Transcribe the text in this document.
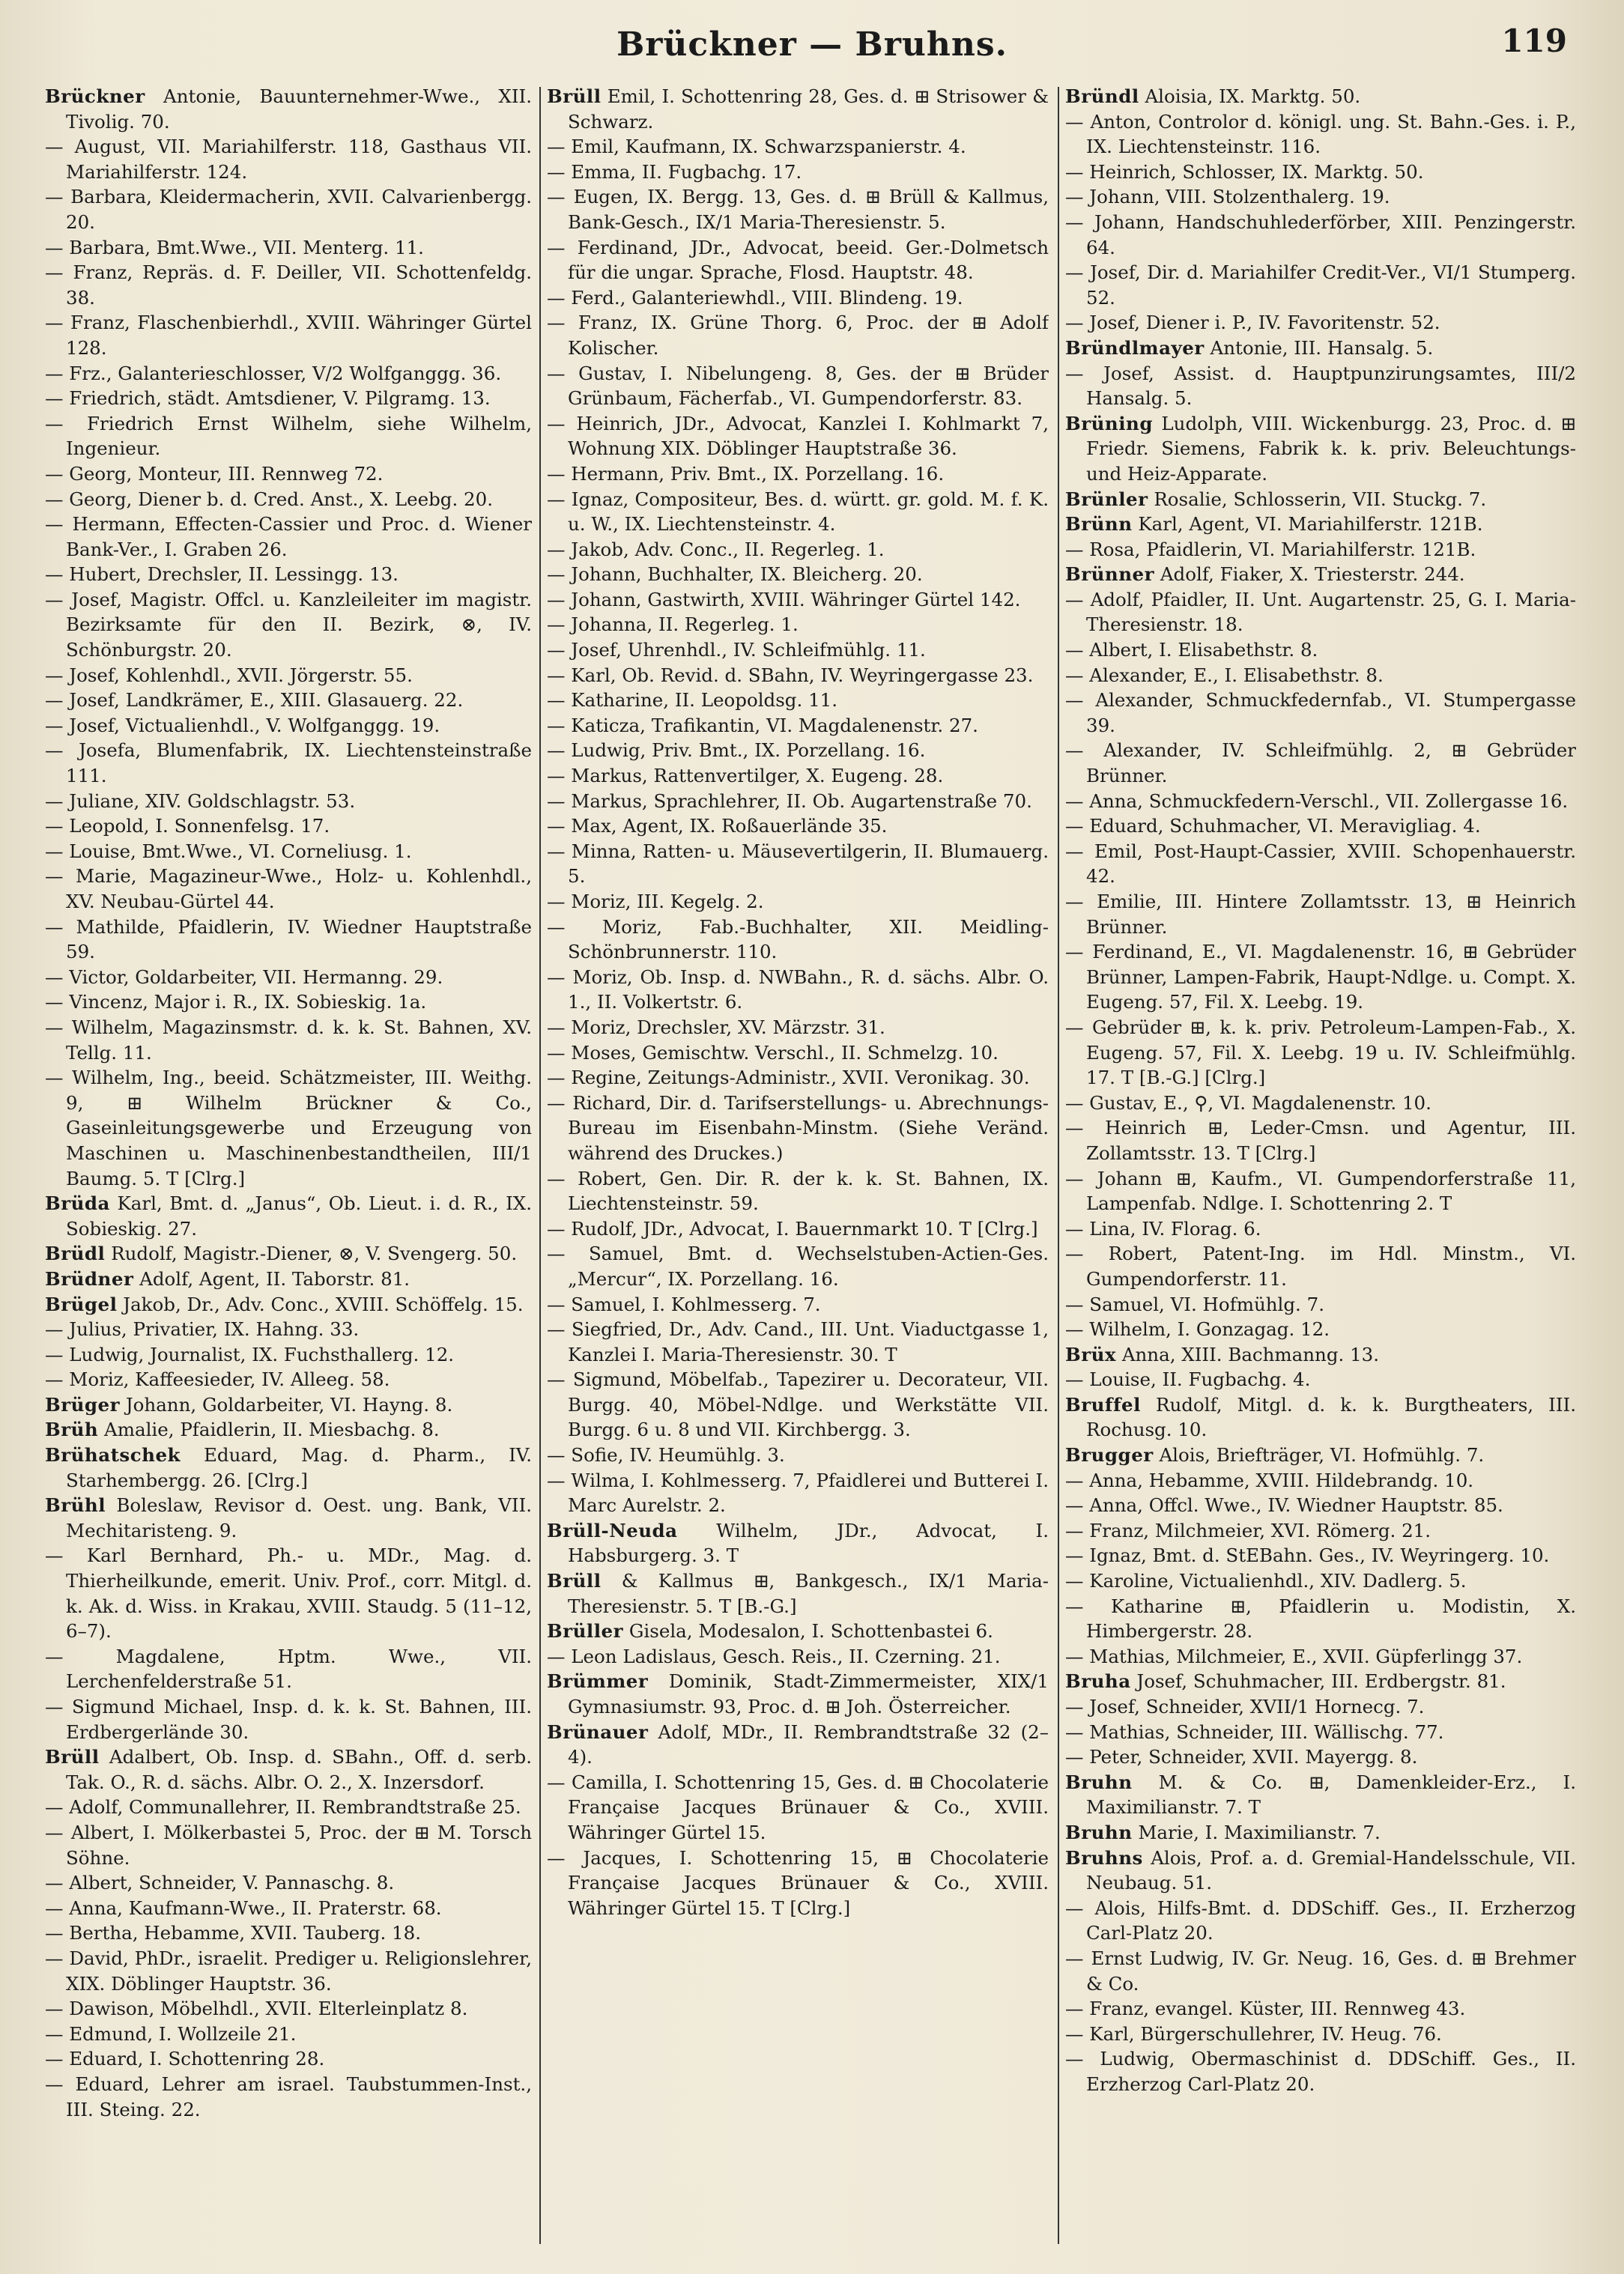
Brückner — Bruhns.	119

Brückner Antonie, Bauunternehmer-Wwe., XII. Tivolig. 70.

— August, VII. Mariahilferstr. 118, Gasthaus VII. Mariahilferstr. 124.

— Barbara, Kleidermacherin, XVII. Calvarienbergg. 20.

— Barbara, Bmt.Wwe., VII. Menterg. 11.

— Franz, Repräs. d. F. Deiller, VII. Schottenfeldg. 38.

— Franz, Flaschenbierhdl., XVIII. Währinger Gürtel 128.

— Frz., Galanterieschlosser, V/2 Wolfganggg. 36.

— Friedrich, städt. Amtsdiener, V. Pilgramg. 13.

— Friedrich Ernst Wilhelm, siehe Wilhelm, Ingenieur.

— Georg, Monteur, III. Rennweg 72.

— Georg, Diener b. d. Cred. Anst., X. Leebg. 20.

— Hermann, Effecten-Cassier und Proc. d. Wiener Bank-Ver., I. Graben 26.

— Hubert, Drechsler, II. Lessingg. 13.

— Josef, Magistr. Offcl. u. Kanzleileiter im magistr. Bezirksamte für den II. Bezirk, ⊗, IV. Schönburgstr. 20.

— Josef, Kohlenhdl., XVII. Jörgerstr. 55.

— Josef, Landkrämer, E., XIII. Glasauerg. 22.

— Josef, Victualienhdl., V. Wolfganggg. 19.

— Josefa, Blumenfabrik, IX. Liechtensteinstraße 111.

— Juliane, XIV. Goldschlagstr. 53.

— Leopold, I. Sonnenfelsg. 17.

— Louise, Bmt.Wwe., VI. Corneliusg. 1.

— Marie, Magazineur-Wwe., Holz- u. Kohlenhdl., XV. Neubau-Gürtel 44.

— Mathilde, Pfaidlerin, IV. Wiedner Hauptstraße 59.

— Victor, Goldarbeiter, VII. Hermanng. 29.

— Vincenz, Major i. R., IX. Sobieskig. 1a.

— Wilhelm, Magazinsmstr. d. k. k. St. Bahnen, XV. Tellg. 11.

— Wilhelm, Ing., beeid. Schätzmeister, III. Weithg. 9, ⊞ Wilhelm Brückner & Co., Gaseinleitungsgewerbe und Erzeugung von Maschinen u. Maschinenbestandtheilen, III/1 Baumg. 5. T [Clrg.]

Brüda Karl, Bmt. d. „Janus“, Ob. Lieut. i. d. R., IX. Sobieskig. 27.

Brüdl Rudolf, Magistr.-Diener, ⊗, V. Svengerg. 50.

Brüdner Adolf, Agent, II. Taborstr. 81.

Brügel Jakob, Dr., Adv. Conc., XVIII. Schöffelg. 15.

— Julius, Privatier, IX. Hahng. 33.

— Ludwig, Journalist, IX. Fuchsthallerg. 12.

— Moriz, Kaffeesieder, IV. Alleeg. 58.

Brüger Johann, Goldarbeiter, VI. Hayng. 8.

Brüh Amalie, Pfaidlerin, II. Miesbachg. 8.

Brühatschek Eduard, Mag. d. Pharm., IV. Starhembergg. 26. [Clrg.]

Brühl Boleslaw, Revisor d. Oest. ung. Bank, VII. Mechitaristeng. 9.

— Karl Bernhard, Ph.- u. MDr., Mag. d. Thierheilkunde, emerit. Univ. Prof., corr. Mitgl. d. k. Ak. d. Wiss. in Krakau, XVIII. Staudg. 5 (11–12, 6–7).

— Magdalene, Hptm. Wwe., VII. Lerchenfelderstraße 51.

— Sigmund Michael, Insp. d. k. k. St. Bahnen, III. Erdbergerlände 30.

Brüll Adalbert, Ob. Insp. d. SBahn., Off. d. serb. Tak. O., R. d. sächs. Albr. O. 2., X. Inzersdorf.

— Adolf, Communallehrer, II. Rembrandtstraße 25.

— Albert, I. Mölkerbastei 5, Proc. der ⊞ M. Torsch Söhne.

— Albert, Schneider, V. Pannaschg. 8.

— Anna, Kaufmann-Wwe., II. Praterstr. 68.

— Bertha, Hebamme, XVII. Tauberg. 18.

— David, PhDr., israelit. Prediger u. Religionslehrer, XIX. Döblinger Hauptstr. 36.

— Dawison, Möbelhdl., XVII. Elterleinplatz 8.

— Edmund, I. Wollzeile 21.

— Eduard, I. Schottenring 28.

— Eduard, Lehrer am israel. Taubstummen-Inst., III. Steing. 22.

Brüll Emil, I. Schottenring 28, Ges. d. ⊞ Strisower & Schwarz.

— Emil, Kaufmann, IX. Schwarzspanierstr. 4.

— Emma, II. Fugbachg. 17.

— Eugen, IX. Bergg. 13, Ges. d. ⊞ Brüll & Kallmus, Bank-Gesch., IX/1 Maria-Theresienstr. 5.

— Ferdinand, JDr., Advocat, beeid. Ger.-Dolmetsch für die ungar. Sprache, Flosd. Hauptstr. 48.

— Ferd., Galanteriewhdl., VIII. Blindeng. 19.

— Franz, IX. Grüne Thorg. 6, Proc. der ⊞ Adolf Kolischer.

— Gustav, I. Nibelungeng. 8, Ges. der ⊞ Brüder Grünbaum, Fächerfab., VI. Gumpendorferstr. 83.

— Heinrich, JDr., Advocat, Kanzlei I. Kohlmarkt 7, Wohnung XIX. Döblinger Hauptstraße 36.

— Hermann, Priv. Bmt., IX. Porzellang. 16.

— Ignaz, Compositeur, Bes. d. württ. gr. gold. M. f. K. u. W., IX. Liechtensteinstr. 4.

— Jakob, Adv. Conc., II. Regerleg. 1.

— Johann, Buchhalter, IX. Bleicherg. 20.

— Johann, Gastwirth, XVIII. Währinger Gürtel 142.

— Johanna, II. Regerleg. 1.

— Josef, Uhrenhdl., IV. Schleifmühlg. 11.

— Karl, Ob. Revid. d. SBahn, IV. Weyringergasse 23.

— Katharine, II. Leopoldsg. 11.

— Katicza, Trafikantin, VI. Magdalenenstr. 27.

— Ludwig, Priv. Bmt., IX. Porzellang. 16.

— Markus, Rattenvertilger, X. Eugeng. 28.

— Markus, Sprachlehrer, II. Ob. Augartenstraße 70.

— Max, Agent, IX. Roßauerlände 35.

— Minna, Ratten- u. Mäusevertilgerin, II. Blumauerg. 5.

— Moriz, III. Kegelg. 2.

— Moriz, Fab.-Buchhalter, XII. Meidling-Schönbrunnerstr. 110.

— Moriz, Ob. Insp. d. NWBahn., R. d. sächs. Albr. O. 1., II. Volkertstr. 6.

— Moriz, Drechsler, XV. Märzstr. 31.

— Moses, Gemischtw. Verschl., II. Schmelzg. 10.

— Regine, Zeitungs-Administr., XVII. Veronikag. 30.

— Richard, Dir. d. Tarifserstellungs- u. Abrechnungs-Bureau im Eisenbahn-Minstm. (Siehe Veränd. während des Druckes.)

— Robert, Gen. Dir. R. der k. k. St. Bahnen, IX. Liechtensteinstr. 59.

— Rudolf, JDr., Advocat, I. Bauernmarkt 10. T [Clrg.]

— Samuel, Bmt. d. Wechselstuben-Actien-Ges. „Mercur“, IX. Porzellang. 16.

— Samuel, I. Kohlmesserg. 7.

— Siegfried, Dr., Adv. Cand., III. Unt. Viaductgasse 1, Kanzlei I. Maria-Theresienstr. 30. T

— Sigmund, Möbelfab., Tapezirer u. Decorateur, VII. Burgg. 40, Möbel-Ndlge. und Werkstätte VII. Burgg. 6 u. 8 und VII. Kirchbergg. 3.

— Sofie, IV. Heumühlg. 3.

— Wilma, I. Kohlmesserg. 7, Pfaidlerei und Butterei I. Marc Aurelstr. 2.

Brüll-Neuda Wilhelm, JDr., Advocat, I. Habsburgerg. 3. T

Brüll & Kallmus ⊞, Bankgesch., IX/1 Maria-Theresienstr. 5. T [B.-G.]

Brüller Gisela, Modesalon, I. Schottenbastei 6.

— Leon Ladislaus, Gesch. Reis., II. Czerning. 21.

Brümmer Dominik, Stadt-Zimmermeister, XIX/1 Gymnasiumstr. 93, Proc. d. ⊞ Joh. Österreicher.

Brünauer Adolf, MDr., II. Rembrandtstraße 32 (2–4).

— Camilla, I. Schottenring 15, Ges. d. ⊞ Chocolaterie Française Jacques Brünauer & Co., XVIII. Währinger Gürtel 15.

— Jacques, I. Schottenring 15, ⊞ Chocolaterie Française Jacques Brünauer & Co., XVIII. Währinger Gürtel 15. T [Clrg.]

Bründl Aloisia, IX. Marktg. 50.

— Anton, Controlor d. königl. ung. St. Bahn.-Ges. i. P., IX. Liechtensteinstr. 116.

— Heinrich, Schlosser, IX. Marktg. 50.

— Johann, VIII. Stolzenthalerg. 19.

— Johann, Handschuhlederförber, XIII. Penzingerstr. 64.

— Josef, Dir. d. Mariahilfer Credit-Ver., VI/1 Stumperg. 52.

— Josef, Diener i. P., IV. Favoritenstr. 52.

Bründlmayer Antonie, III. Hansalg. 5.

— Josef, Assist. d. Hauptpunzirungsamtes, III/2 Hansalg. 5.

Brüning Ludolph, VIII. Wickenburgg. 23, Proc. d. ⊞ Friedr. Siemens, Fabrik k. k. priv. Beleuchtungs- und Heiz-Apparate.

Brünler Rosalie, Schlosserin, VII. Stuckg. 7.

Brünn Karl, Agent, VI. Mariahilferstr. 121B.

— Rosa, Pfaidlerin, VI. Mariahilferstr. 121B.

Brünner Adolf, Fiaker, X. Triesterstr. 244.

— Adolf, Pfaidler, II. Unt. Augartenstr. 25, G. I. Maria-Theresienstr. 18.

— Albert, I. Elisabethstr. 8.

— Alexander, E., I. Elisabethstr. 8.

— Alexander, Schmuckfedernfab., VI. Stumpergasse 39.

— Alexander, IV. Schleifmühlg. 2, ⊞ Gebrüder Brünner.

— Anna, Schmuckfedern-Verschl., VII. Zollergasse 16.

— Eduard, Schuhmacher, VI. Meravigliag. 4.

— Emil, Post-Haupt-Cassier, XVIII. Schopenhauerstr. 42.

— Emilie, III. Hintere Zollamtsstr. 13, ⊞ Heinrich Brünner.

— Ferdinand, E., VI. Magdalenenstr. 16, ⊞ Gebrüder Brünner, Lampen-Fabrik, Haupt-Ndlge. u. Compt. X. Eugeng. 57, Fil. X. Leebg. 19.

— Gebrüder ⊞, k. k. priv. Petroleum-Lampen-Fab., X. Eugeng. 57, Fil. X. Leebg. 19 u. IV. Schleifmühlg. 17. T [B.-G.] [Clrg.]

— Gustav, E., ⚲, VI. Magdalenenstr. 10.

— Heinrich ⊞, Leder-Cmsn. und Agentur, III. Zollamtsstr. 13. T [Clrg.]

— Johann ⊞, Kaufm., VI. Gumpendorferstraße 11, Lampenfab. Ndlge. I. Schottenring 2. T

— Lina, IV. Florag. 6.

— Robert, Patent-Ing. im Hdl. Minstm., VI. Gumpendorferstr. 11.

— Samuel, VI. Hofmühlg. 7.

— Wilhelm, I. Gonzagag. 12.

Brüx Anna, XIII. Bachmanng. 13.

— Louise, II. Fugbachg. 4.

Bruffel Rudolf, Mitgl. d. k. k. Burgtheaters, III. Rochusg. 10.

Brugger Alois, Briefträger, VI. Hofmühlg. 7.

— Anna, Hebamme, XVIII. Hildebrandg. 10.

— Anna, Offcl. Wwe., IV. Wiedner Hauptstr. 85.

— Franz, Milchmeier, XVI. Römerg. 21.

— Ignaz, Bmt. d. StEBahn. Ges., IV. Weyringerg. 10.

— Karoline, Victualienhdl., XIV. Dadlerg. 5.

— Katharine ⊞, Pfaidlerin u. Modistin, X. Himbergerstr. 28.

— Mathias, Milchmeier, E., XVII. Güpferlingg 37.

Bruha Josef, Schuhmacher, III. Erdbergstr. 81.

— Josef, Schneider, XVII/1 Hornecg. 7.

— Mathias, Schneider, III. Wällischg. 77.

— Peter, Schneider, XVII. Mayergg. 8.

Bruhn M. & Co. ⊞, Damenkleider-Erz., I. Maximilianstr. 7. T

Bruhn Marie, I. Maximilianstr. 7.

Bruhns Alois, Prof. a. d. Gremial-Handelsschule, VII. Neubaug. 51.

— Alois, Hilfs-Bmt. d. DDSchiff. Ges., II. Erzherzog Carl-Platz 20.

— Ernst Ludwig, IV. Gr. Neug. 16, Ges. d. ⊞ Brehmer & Co.

— Franz, evangel. Küster, III. Rennweg 43.

— Karl, Bürgerschullehrer, IV. Heug. 76.

— Ludwig, Obermaschinist d. DDSchiff. Ges., II. Erzherzog Carl-Platz 20.
